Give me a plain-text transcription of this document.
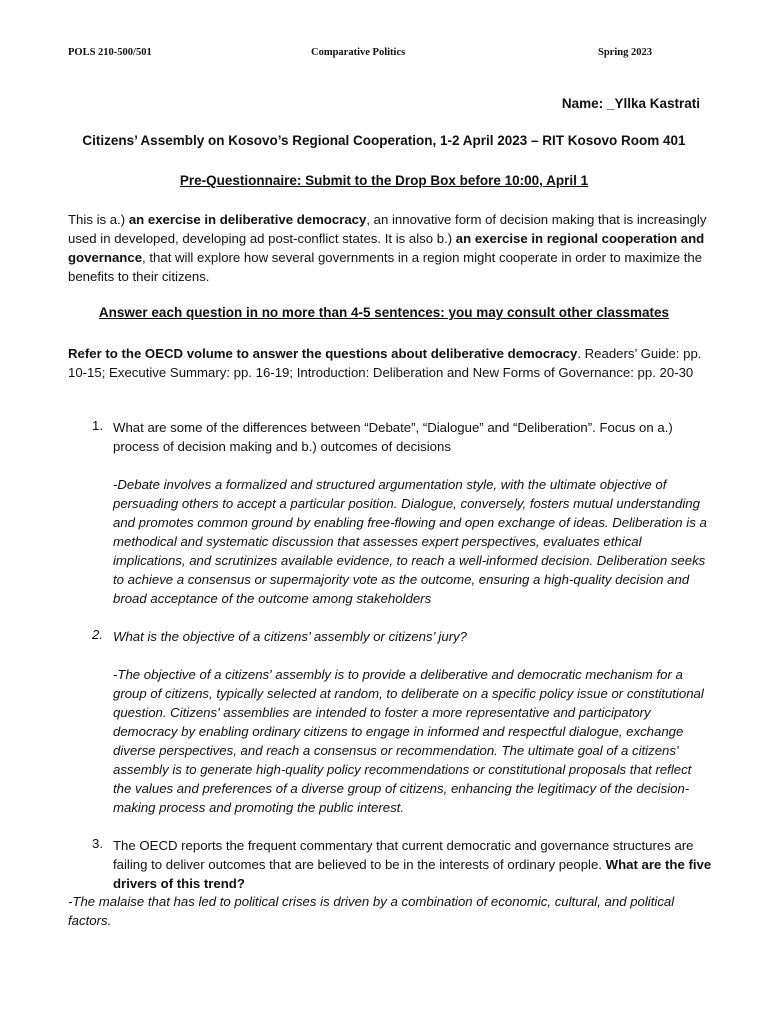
POLS 210-500/501	Comparative Politics	Spring 2023
Name: _Yllka Kastrati
Citizens’ Assembly on Kosovo’s Regional Cooperation, 1-2 April 2023 – RIT Kosovo Room 401
Pre-Questionnaire: Submit to the Drop Box before 10:00, April 1
This is a.) an exercise in deliberative democracy, an innovative form of decision making that is increasingly used in developed, developing ad post-conflict states. It is also b.) an exercise in regional cooperation and governance, that will explore how several governments in a region might cooperate in order to maximize the benefits to their citizens.
Answer each question in no more than 4-5 sentences: you may consult other classmates
Refer to the OECD volume to answer the questions about deliberative democracy. Readers’ Guide: pp. 10-15; Executive Summary: pp. 16-19; Introduction: Deliberation and New Forms of Governance: pp. 20-30
1. What are some of the differences between “Debate”, “Dialogue” and “Deliberation”. Focus on a.) process of decision making and b.) outcomes of decisions
-Debate involves a formalized and structured argumentation style, with the ultimate objective of persuading others to accept a particular position. Dialogue, conversely, fosters mutual understanding and promotes common ground by enabling free-flowing and open exchange of ideas. Deliberation is a methodical and systematic discussion that assesses expert perspectives, evaluates ethical implications, and scrutinizes available evidence, to reach a well-informed decision. Deliberation seeks to achieve a consensus or supermajority vote as the outcome, ensuring a high-quality decision and broad acceptance of the outcome among stakeholders
2. What is the objective of a citizens’ assembly or citizens’ jury?
-The objective of a citizens' assembly is to provide a deliberative and democratic mechanism for a group of citizens, typically selected at random, to deliberate on a specific policy issue or constitutional question. Citizens' assemblies are intended to foster a more representative and participatory democracy by enabling ordinary citizens to engage in informed and respectful dialogue, exchange diverse perspectives, and reach a consensus or recommendation. The ultimate goal of a citizens' assembly is to generate high-quality policy recommendations or constitutional proposals that reflect the values and preferences of a diverse group of citizens, enhancing the legitimacy of the decision-making process and promoting the public interest.
3. The OECD reports the frequent commentary that current democratic and governance structures are failing to deliver outcomes that are believed to be in the interests of ordinary people. What are the five drivers of this trend?
-The malaise that has led to political crises is driven by a combination of economic, cultural, and political factors.
